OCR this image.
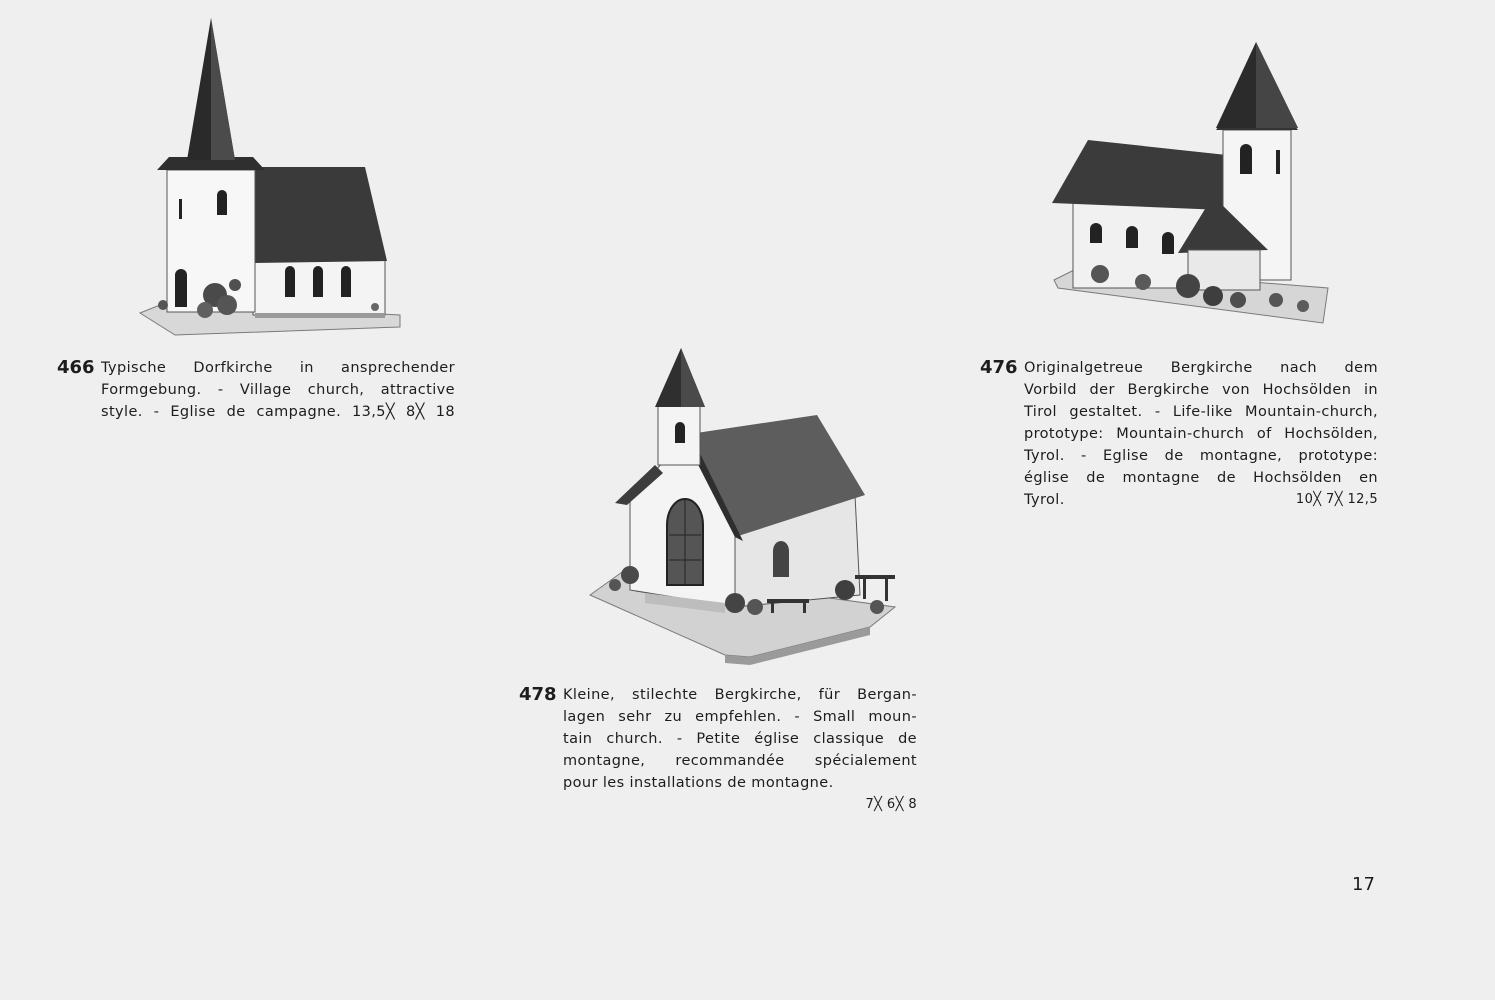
466 Typische Dorfkirche in ansprechender
Formgebung. - Village church, attractive
style. - Eglise de campagne. 13,5╳ 8╳ 18
476 Originalgetreue Bergkirche nach dem
Vorbild der Bergkirche von Hochsölden in
Tirol gestaltet. - Life-like Mountain-church,
prototype: Mountain-church of Hochsölden,
Tyrol. - Eglise de montagne, prototype:
église de montagne de Hochsölden en
Tyrol.	10╳ 7╳ 12,5
478 Kleine, stilechte Bergkirche, für Bergan-
lagen sehr zu empfehlen. - Small moun-
tain church. - Petite église classique de
montagne, recommandée spécialement
pour les installations de montagne.
7╳ 6╳ 8
17
